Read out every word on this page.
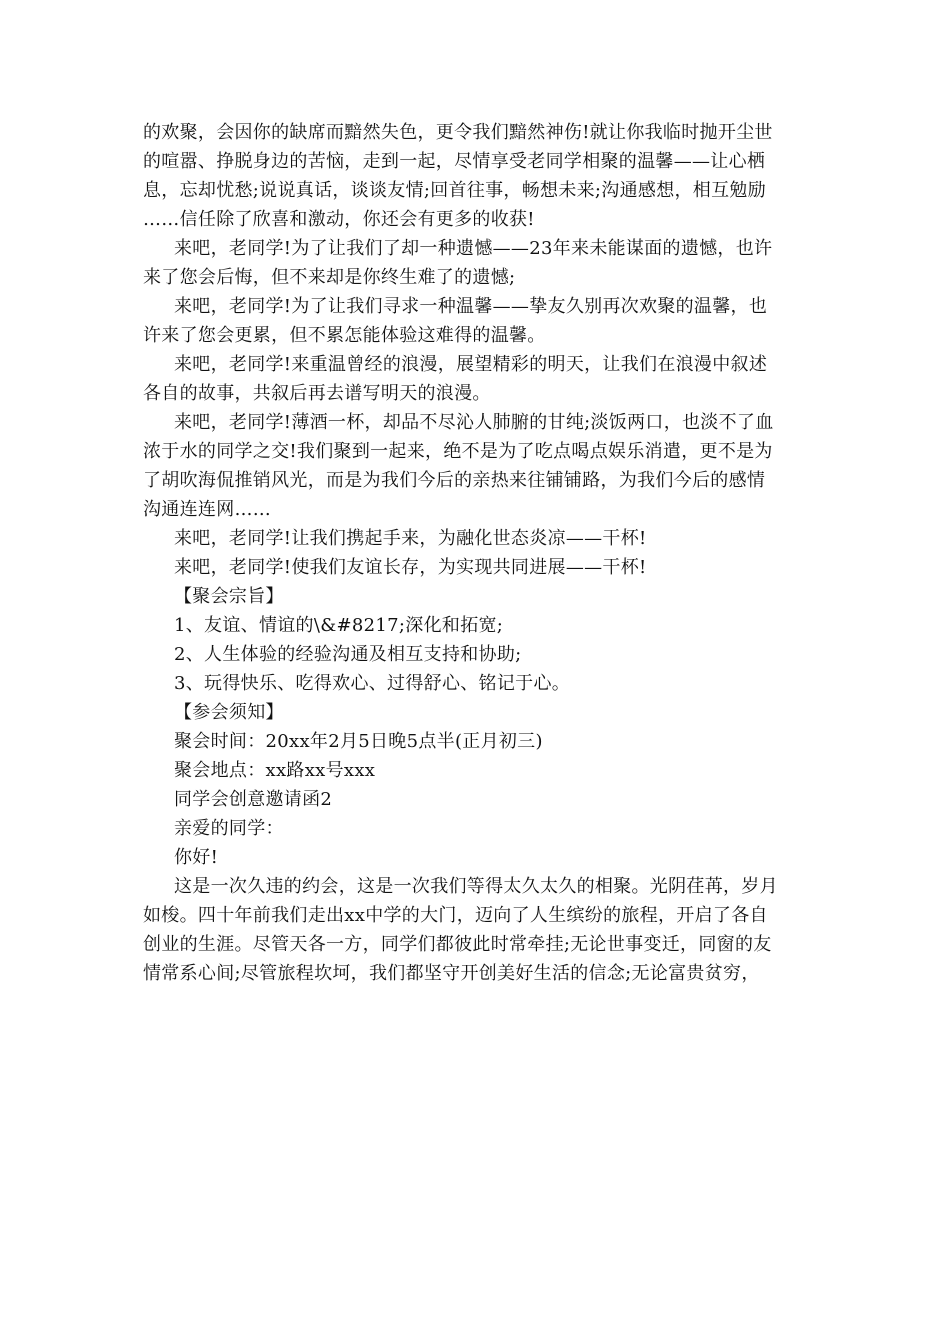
的欢聚，会因你的缺席而黯然失色，更令我们黯然神伤!就让你我临时抛开尘世
的喧嚣、挣脱身边的苦恼，走到一起，尽情享受老同学相聚的温馨——让心栖
息，忘却忧愁;说说真话，谈谈友情;回首往事，畅想未来;沟通感想，相互勉励
……信任除了欣喜和激动，你还会有更多的收获!
来吧，老同学!为了让我们了却一种遗憾——23年来未能谋面的遗憾，也许
来了您会后悔，但不来却是你终生难了的遗憾;
来吧，老同学!为了让我们寻求一种温馨——挚友久别再次欢聚的温馨，也
许来了您会更累，但不累怎能体验这难得的温馨。
来吧，老同学!来重温曾经的浪漫，展望精彩的明天，让我们在浪漫中叙述
各自的故事，共叙后再去谱写明天的浪漫。
来吧，老同学!薄酒一杯，却品不尽沁人肺腑的甘纯;淡饭两口，也淡不了血
浓于水的同学之交!我们聚到一起来，绝不是为了吃点喝点娱乐消遣，更不是为
了胡吹海侃推销风光，而是为我们今后的亲热来往铺铺路，为我们今后的感情
沟通连连网……
来吧，老同学!让我们携起手来，为融化世态炎凉——干杯!
来吧，老同学!使我们友谊长存，为实现共同进展——干杯!
【聚会宗旨】
1、友谊、情谊的\&#8217;深化和拓宽;
2、人生体验的经验沟通及相互支持和协助;
3、玩得快乐、吃得欢心、过得舒心、铭记于心。
【参会须知】
聚会时间：20xx年2月5日晚5点半(正月初三)
聚会地点：xx路xx号xxx
同学会创意邀请函2
亲爱的同学：
你好!
这是一次久违的约会，这是一次我们等得太久太久的相聚。光阴荏苒，岁月
如梭。四十年前我们走出xx中学的大门，迈向了人生缤纷的旅程，开启了各自
创业的生涯。尽管天各一方，同学们都彼此时常牵挂;无论世事变迁，同窗的友
情常系心间;尽管旅程坎坷，我们都坚守开创美好生活的信念;无论富贵贫穷，
